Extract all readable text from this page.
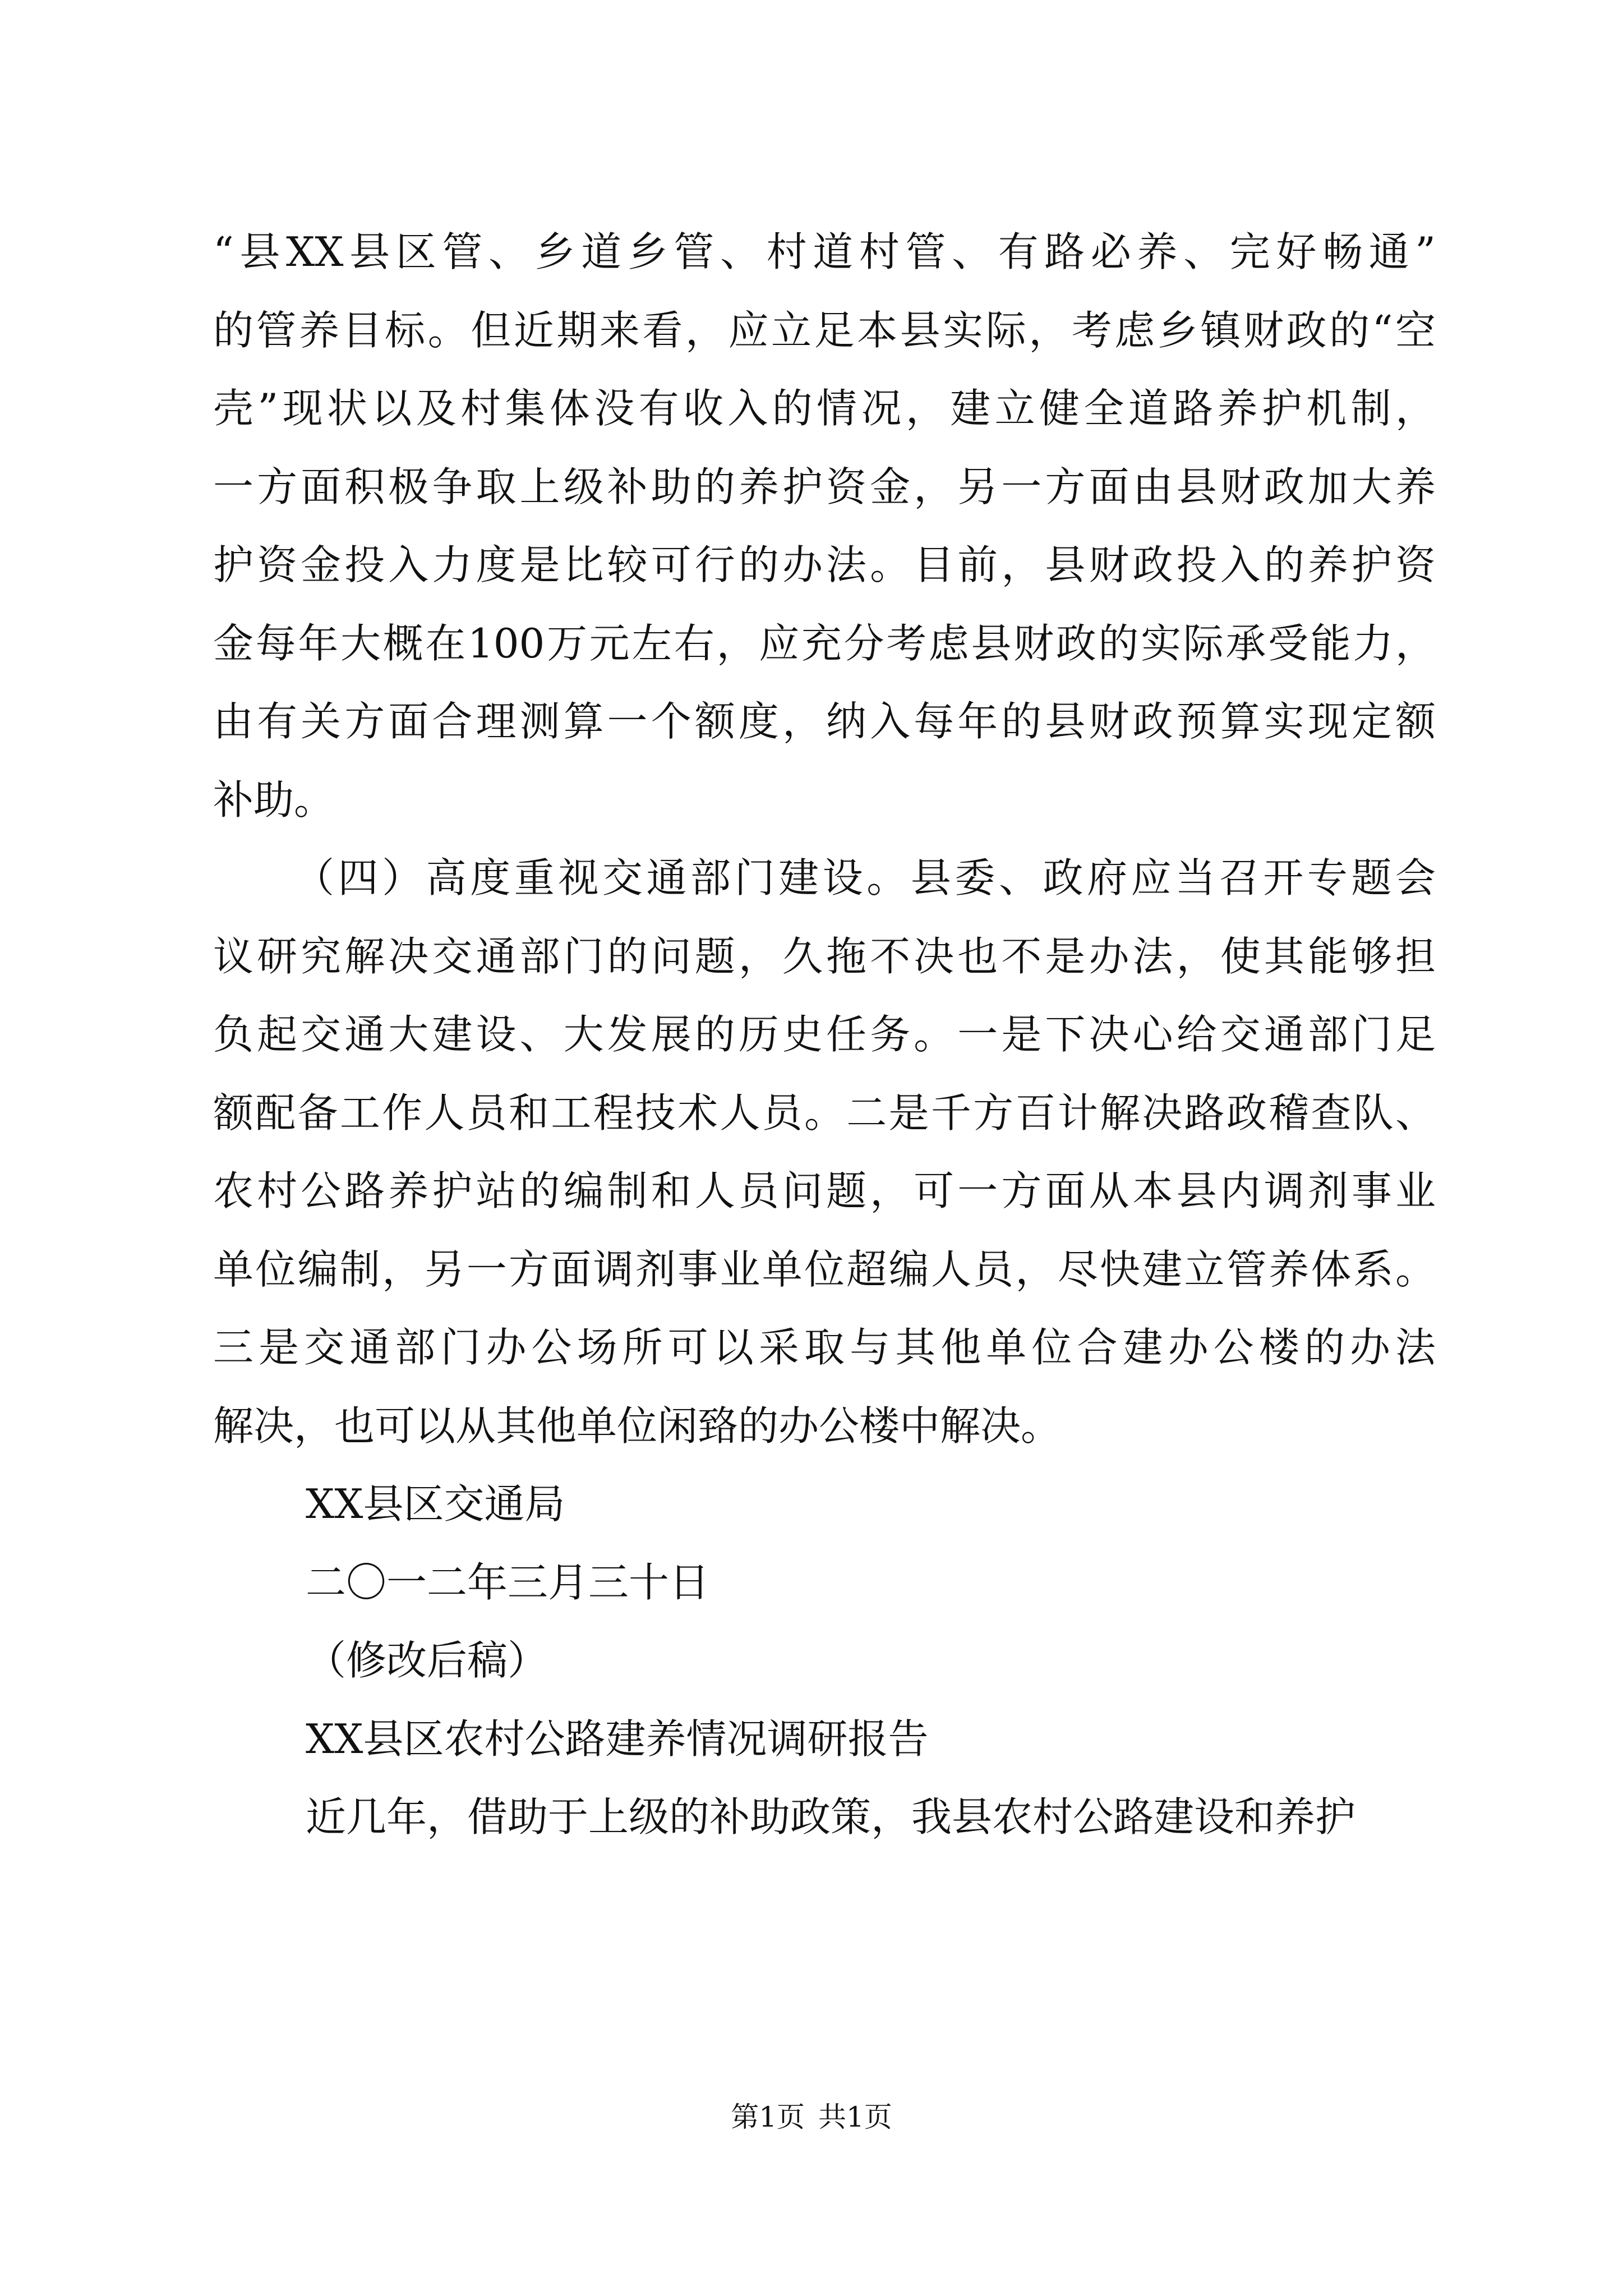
“县XX县区管、乡道乡管、村道村管、有路必养、完好畅通”
的管养目标。但近期来看，应立足本县实际，考虑乡镇财政的“空
壳”现状以及村集体没有收入的情况，建立健全道路养护机制，
一方面积极争取上级补助的养护资金，另一方面由县财政加大养
护资金投入力度是比较可行的办法。目前，县财政投入的养护资
金每年大概在100万元左右，应充分考虑县财政的实际承受能力，
由有关方面合理测算一个额度，纳入每年的县财政预算实现定额
补助。
（四）高度重视交通部门建设。县委、政府应当召开专题会
议研究解决交通部门的问题，久拖不决也不是办法，使其能够担
负起交通大建设、大发展的历史任务。一是下决心给交通部门足
额配备工作人员和工程技术人员。二是千方百计解决路政稽查队、
农村公路养护站的编制和人员问题，可一方面从本县内调剂事业
单位编制，另一方面调剂事业单位超编人员，尽快建立管养体系。
三是交通部门办公场所可以采取与其他单位合建办公楼的办法
解决，也可以从其他单位闲臵的办公楼中解决。
XX县区交通局
二〇一二年三月三十日
（修改后稿）
XX县区农村公路建养情况调研报告
近几年，借助于上级的补助政策，我县农村公路建设和养护
第1页 共1页
